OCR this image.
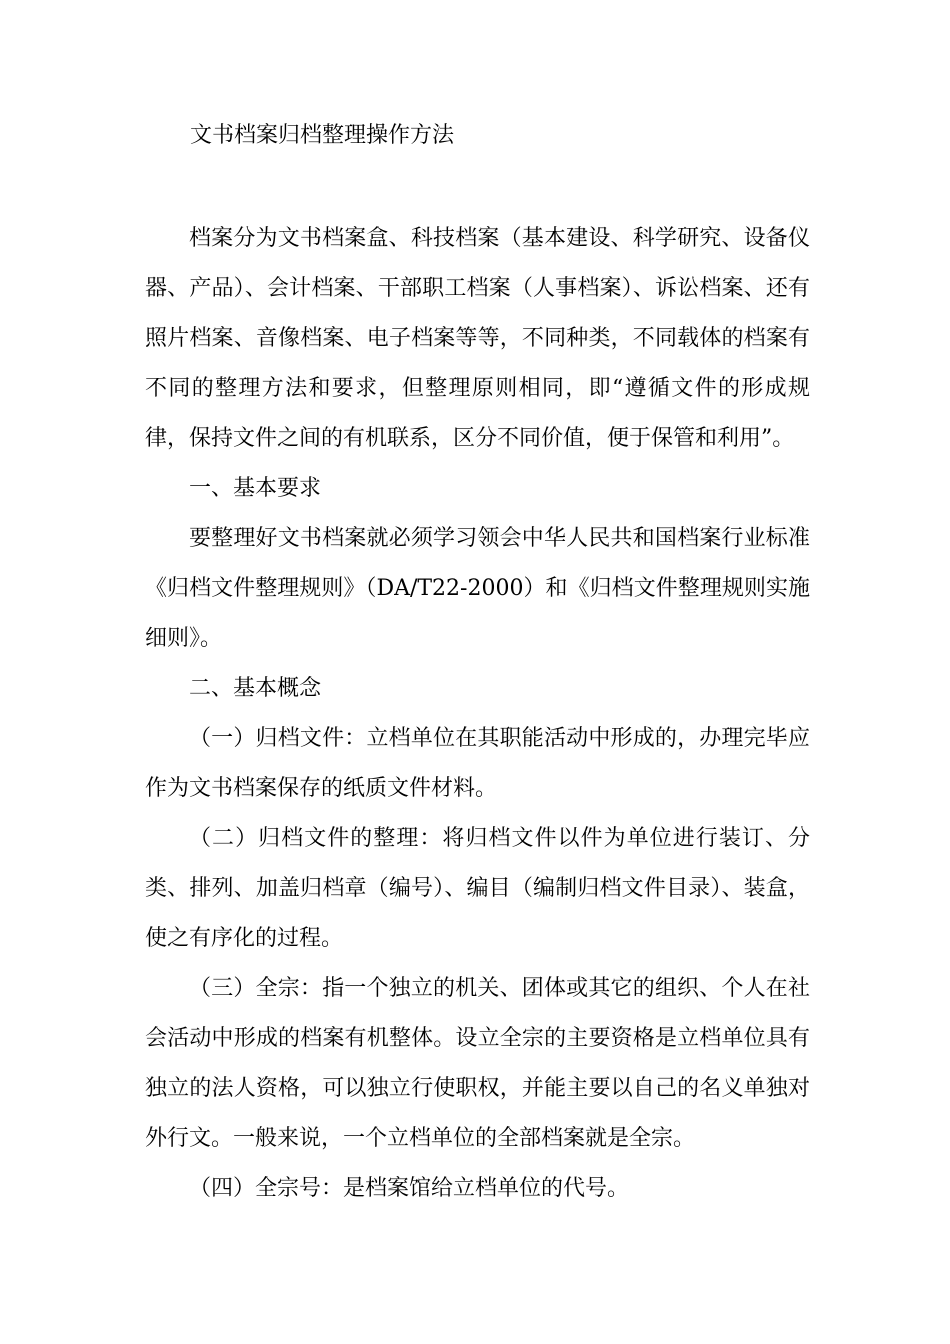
文书档案归档整理操作方法

档案分为文书档案盒、科技档案（基本建设、科学研究、设备仪器、产品）、会计档案、干部职工档案（人事档案）、诉讼档案、还有照片档案、音像档案、电子档案等等，不同种类，不同载体的档案有不同的整理方法和要求，但整理原则相同，即“遵循文件的形成规律，保持文件之间的有机联系，区分不同价值，便于保管和利用”。

一、基本要求

要整理好文书档案就必须学习领会中华人民共和国档案行业标准《归档文件整理规则》（DA/T22-2000）和《归档文件整理规则实施细则》。

二、基本概念

（一）归档文件：立档单位在其职能活动中形成的，办理完毕应作为文书档案保存的纸质文件材料。

（二）归档文件的整理：将归档文件以件为单位进行装订、分类、排列、加盖归档章（编号）、编目（编制归档文件目录）、装盒，使之有序化的过程。

（三）全宗：指一个独立的机关、团体或其它的组织、个人在社会活动中形成的档案有机整体。设立全宗的主要资格是立档单位具有独立的法人资格，可以独立行使职权，并能主要以自己的名义单独对外行文。一般来说，一个立档单位的全部档案就是全宗。

（四）全宗号：是档案馆给立档单位的代号。
